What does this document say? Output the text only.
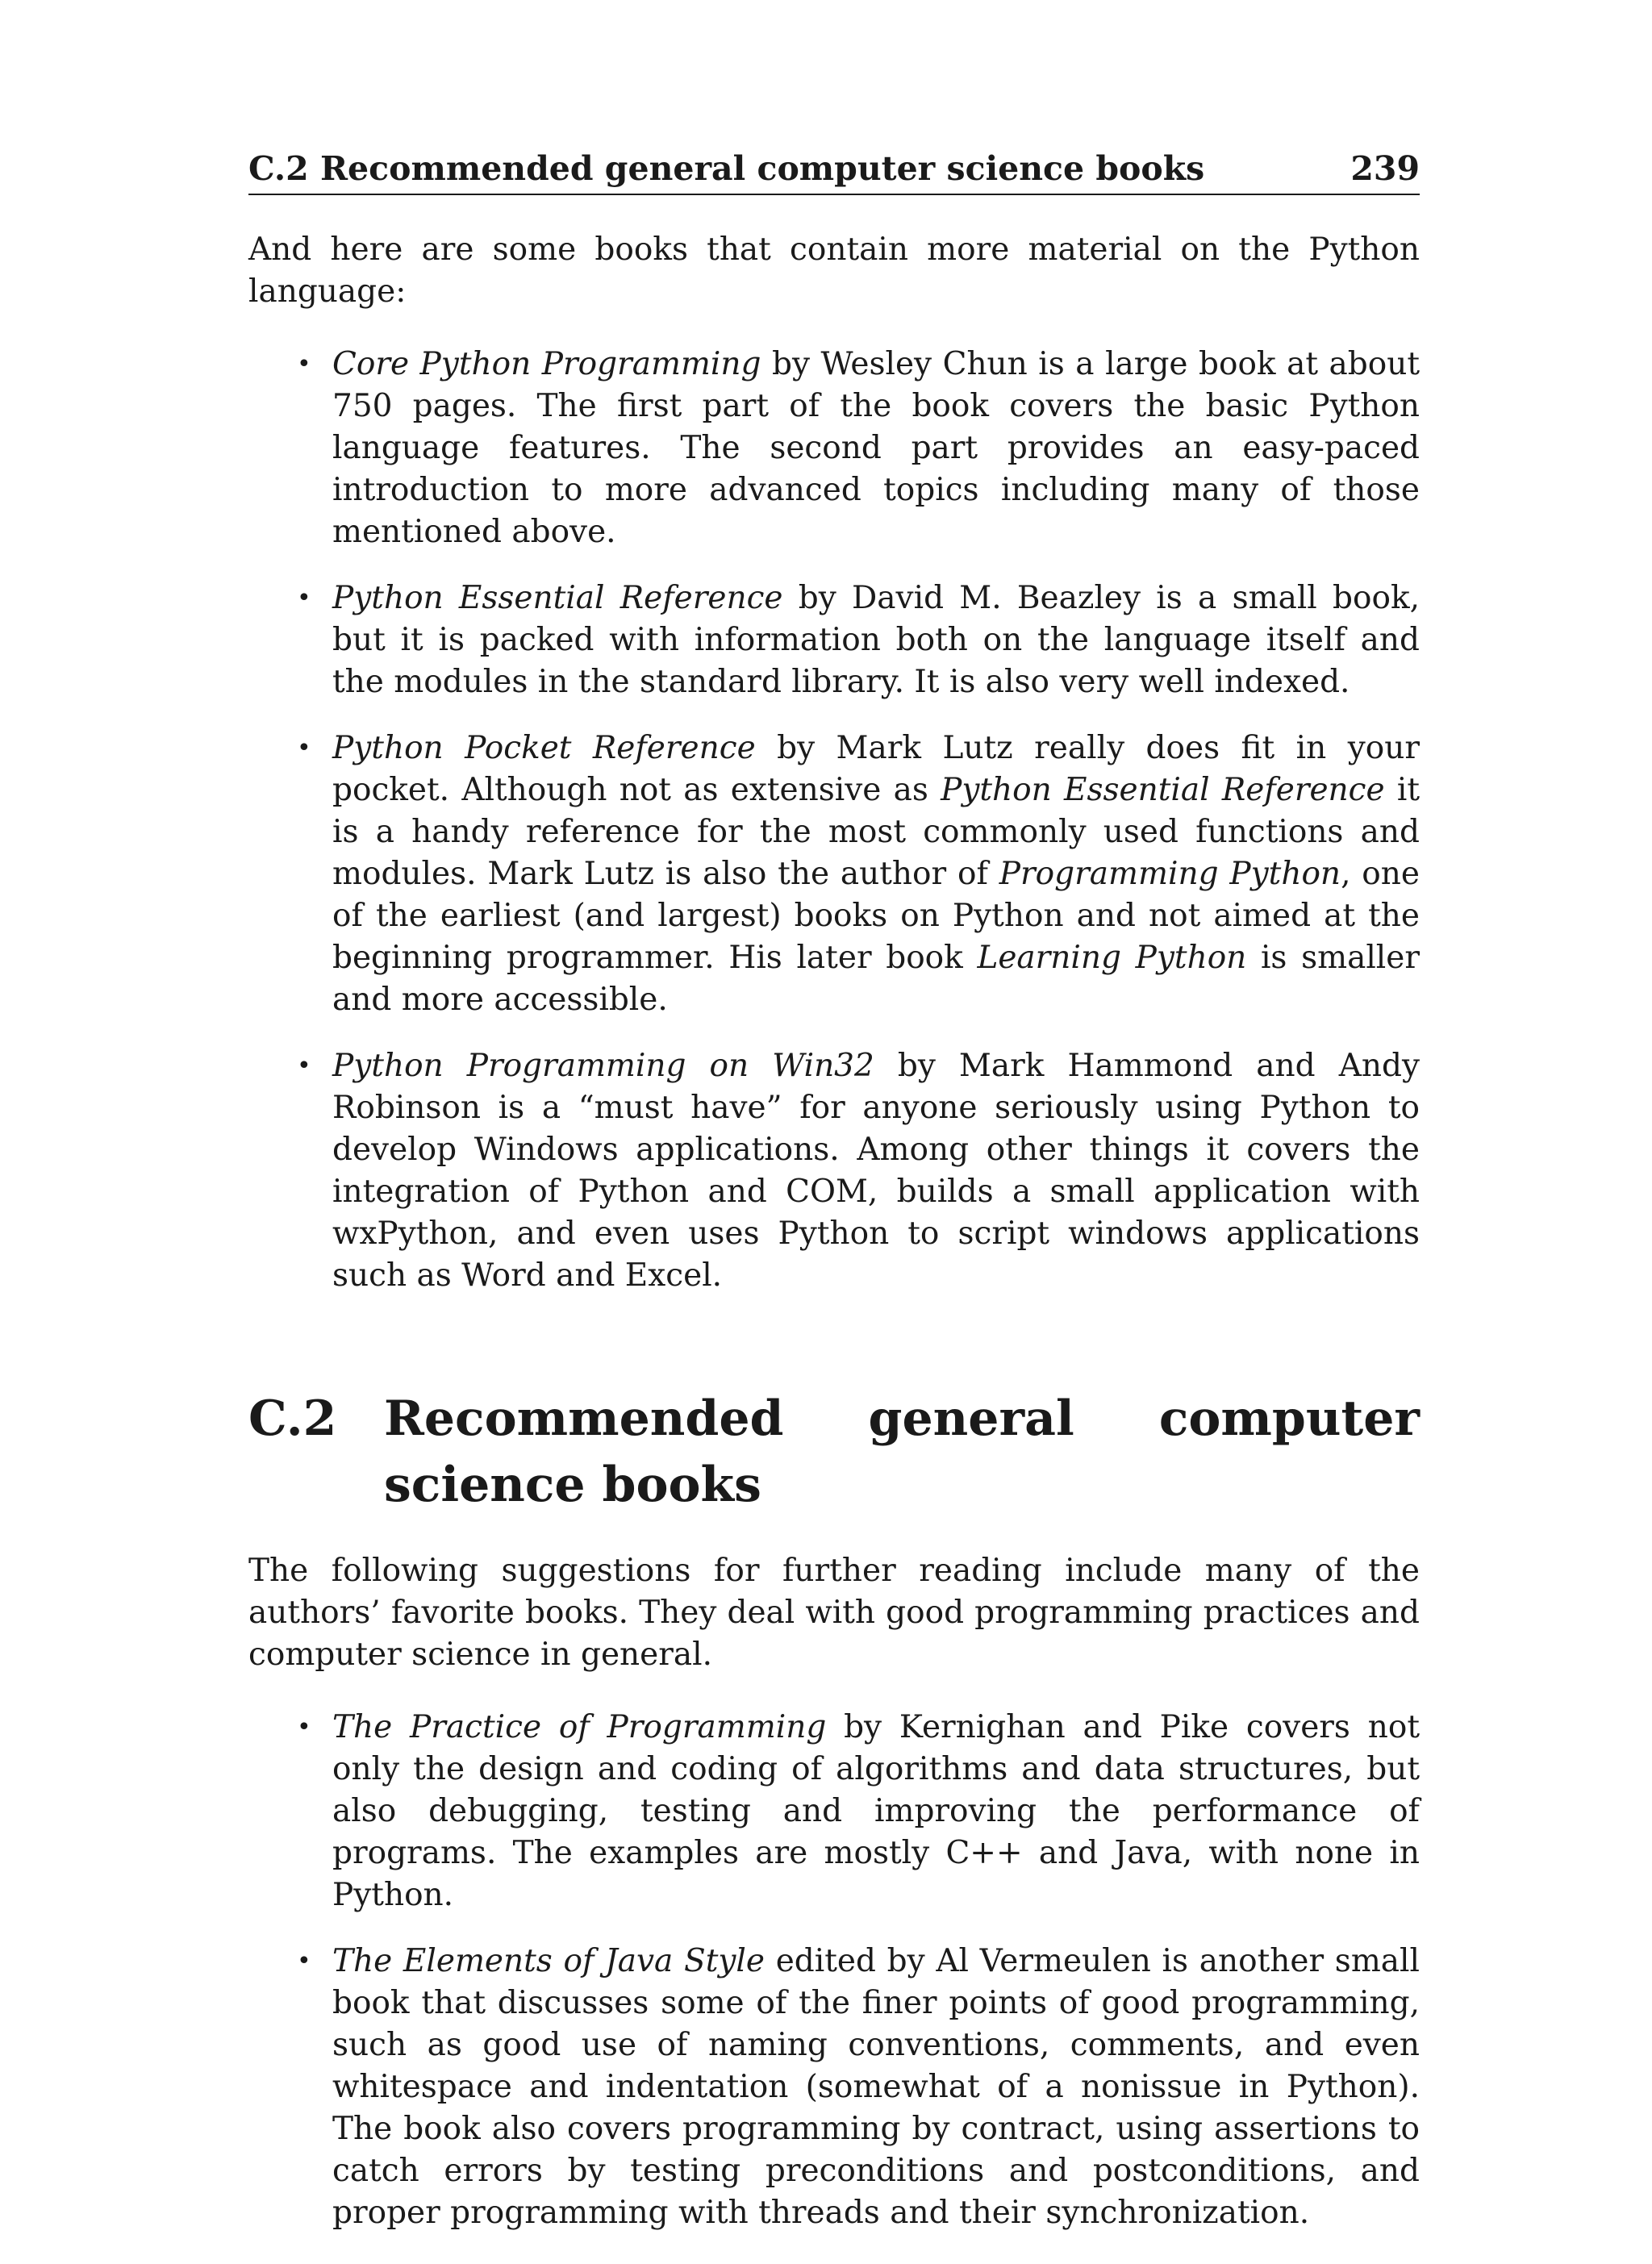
C.2 Recommended general computer science books	239

And here are some books that contain more material on the Python language:

• Core Python Programming by Wesley Chun is a large book at about 750 pages. The first part of the book covers the basic Python language features. The second part provides an easy-paced introduction to more advanced topics including many of those mentioned above.
• Python Essential Reference by David M. Beazley is a small book, but it is packed with information both on the language itself and the modules in the standard library. It is also very well indexed.
• Python Pocket Reference by Mark Lutz really does fit in your pocket. Although not as extensive as Python Essential Reference it is a handy reference for the most commonly used functions and modules. Mark Lutz is also the author of Programming Python, one of the earliest (and largest) books on Python and not aimed at the beginning programmer. His later book Learning Python is smaller and more accessible.
• Python Programming on Win32 by Mark Hammond and Andy Robinson is a “must have” for anyone seriously using Python to develop Windows applications. Among other things it covers the integration of Python and COM, builds a small application with wxPython, and even uses Python to script windows applications such as Word and Excel.
C.2 Recommended general computer science books

The following suggestions for further reading include many of the authors’ favorite books. They deal with good programming practices and computer science in general.

• The Practice of Programming by Kernighan and Pike covers not only the design and coding of algorithms and data structures, but also debugging, testing and improving the performance of programs. The examples are mostly C++ and Java, with none in Python.
• The Elements of Java Style edited by Al Vermeulen is another small book that discusses some of the finer points of good programming, such as good use of naming conventions, comments, and even whitespace and indentation (somewhat of a nonissue in Python). The book also covers programming by contract, using assertions to catch errors by testing preconditions and postconditions, and proper programming with threads and their synchronization.
